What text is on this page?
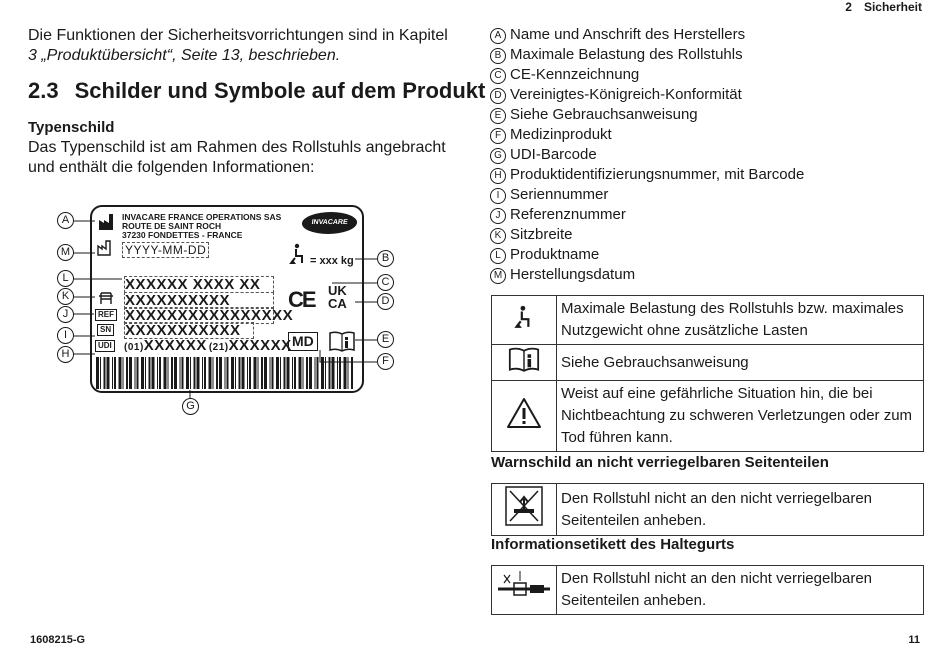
2 Sicherheit
Die Funktionen der Sicherheitsvorrichtungen sind in Kapitel
3 „Produktübersicht“, Seite 13, beschrieben.
2.3 Schilder und Symbole auf dem Produkt
Typenschild
Das Typenschild ist am Rahmen des Rollstuhls angebracht und enthält die folgenden Informationen:
INVACARE FRANCE OPERATIONS SAS
ROUTE DE SAINT ROCH
37230 FONDETTES - FRANCE
INVACARE
YYYY-MM-DD
= xxx kg
XXXXXX XXXX XX
XXXXXXXXXX
REF XXXXXXXXXXXXXXXX
SN XXXXXXXXXXX
UDI	(01)XXXXXX (21)XXXXXX
CE UK
CA
MD
A
M
L
K
J
I
H
B
C
D
E
F
G
A Name und Anschrift des Herstellers
B Maximale Belastung des Rollstuhls
C CE-Kennzeichnung
D Vereinigtes-Königreich-Konformität
E Siehe Gebrauchsanweisung
F Medizinprodukt
G UDI-Barcode
H Produktidentifizierungsnummer, mit Barcode
I Seriennummer
J Referenznummer
K Sitzbreite
L Produktname
M Herstellungsdatum
	Maximale Belastung des Rollstuhls bzw. maximales Nutzgewicht ohne zusätzliche Lasten
	Siehe Gebrauchsanweisung
	Weist auf eine gefährliche Situation hin, die bei Nichtbeachtung zu schweren Verletzungen oder zum Tod führen kann.
Warnschild an nicht verriegelbaren Seitenteilen
	Den Rollstuhl nicht an den nicht verriegelbaren Seitenteilen anheben.
Informationsetikett des Haltegurts
	Den Rollstuhl nicht an den nicht verriegelbaren Seitenteilen anheben.
1608215-G	11
